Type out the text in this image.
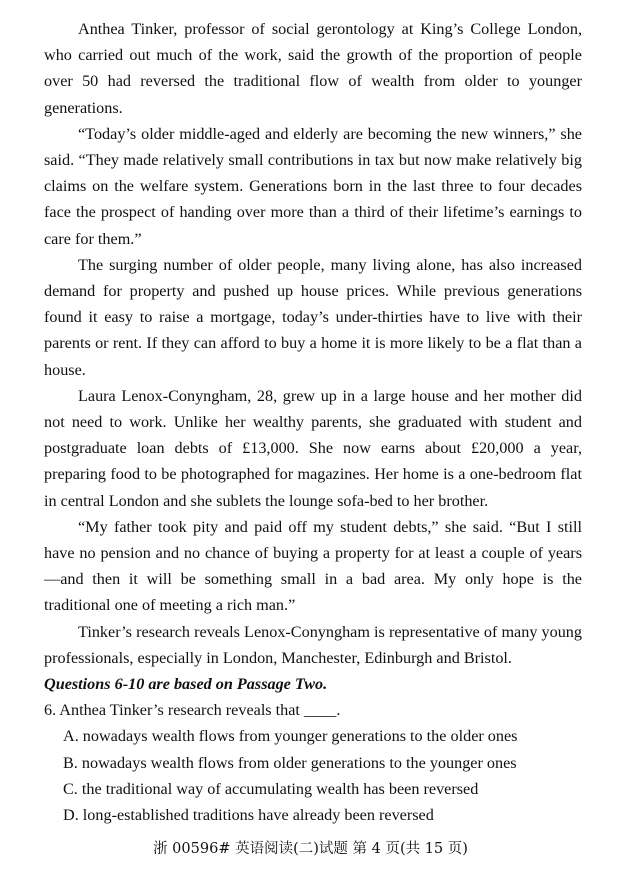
Anthea Tinker, professor of social gerontology at King’s College London, who carried out much of the work, said the growth of the proportion of people over 50 had reversed the traditional flow of wealth from older to younger generations.

“Today’s older middle-aged and elderly are becoming the new winners,” she said. “They made relatively small contributions in tax but now make relatively big claims on the welfare system. Generations born in the last three to four decades face the prospect of handing over more than a third of their lifetime’s earnings to care for them.”

The surging number of older people, many living alone, has also increased demand for property and pushed up house prices. While previous generations found it easy to raise a mortgage, today’s under-thirties have to live with their parents or rent. If they can afford to buy a home it is more likely to be a flat than a house.

Laura Lenox-Conyngham, 28, grew up in a large house and her mother did not need to work. Unlike her wealthy parents, she graduated with student and postgraduate loan debts of £13,000. She now earns about £20,000 a year, preparing food to be photographed for magazines. Her home is a one-bedroom flat in central London and she sublets the lounge sofa-bed to her brother.

“My father took pity and paid off my student debts,” she said. “But I still have no pension and no chance of buying a property for at least a couple of years—and then it will be something small in a bad area. My only hope is the traditional one of meeting a rich man.”

Tinker’s research reveals Lenox-Conyngham is representative of many young professionals, especially in London, Manchester, Edinburgh and Bristol.

Questions 6-10 are based on Passage Two.

6. Anthea Tinker’s research reveals that ____.

A. nowadays wealth flows from younger generations to the older ones
B. nowadays wealth flows from older generations to the younger ones
C. the traditional way of accumulating wealth has been reversed
D. long-established traditions have already been reversed
浙 00596# 英语阅读(二)试题 第 4 页(共 15 页)
